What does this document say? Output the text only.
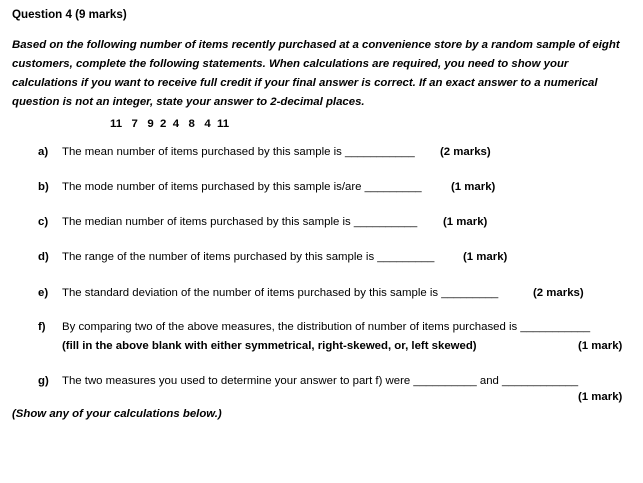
Question 4 (9 marks)
Based on the following number of items recently purchased at a convenience store by a random sample of eight
customers, complete the following statements. When calculations are required, you need to show your
calculations if you want to receive full credit if your final answer is correct. If an exact answer to a numerical
question is not an integer, state your answer to 2-decimal places.
11   7   9  2  4   8   4  11
a) The mean number of items purchased by this sample is ___________ (2 marks)
b) The mode number of items purchased by this sample is/are _________	(1 mark)
c) The median number of items purchased by this sample is __________ (1 mark)
d) The range of the number of items purchased by this sample is _________	(1 mark)
e) The standard deviation of the number of items purchased by this sample is _________	(2 marks)
f) By comparing two of the above measures, the distribution of number of items purchased is ___________
(fill in the above blank with either symmetrical, right-skewed, or, left skewed)	(1 mark)
g) The two measures you used to determine your answer to part f) were __________ and ____________
(1 mark)
(Show any of your calculations below.)
